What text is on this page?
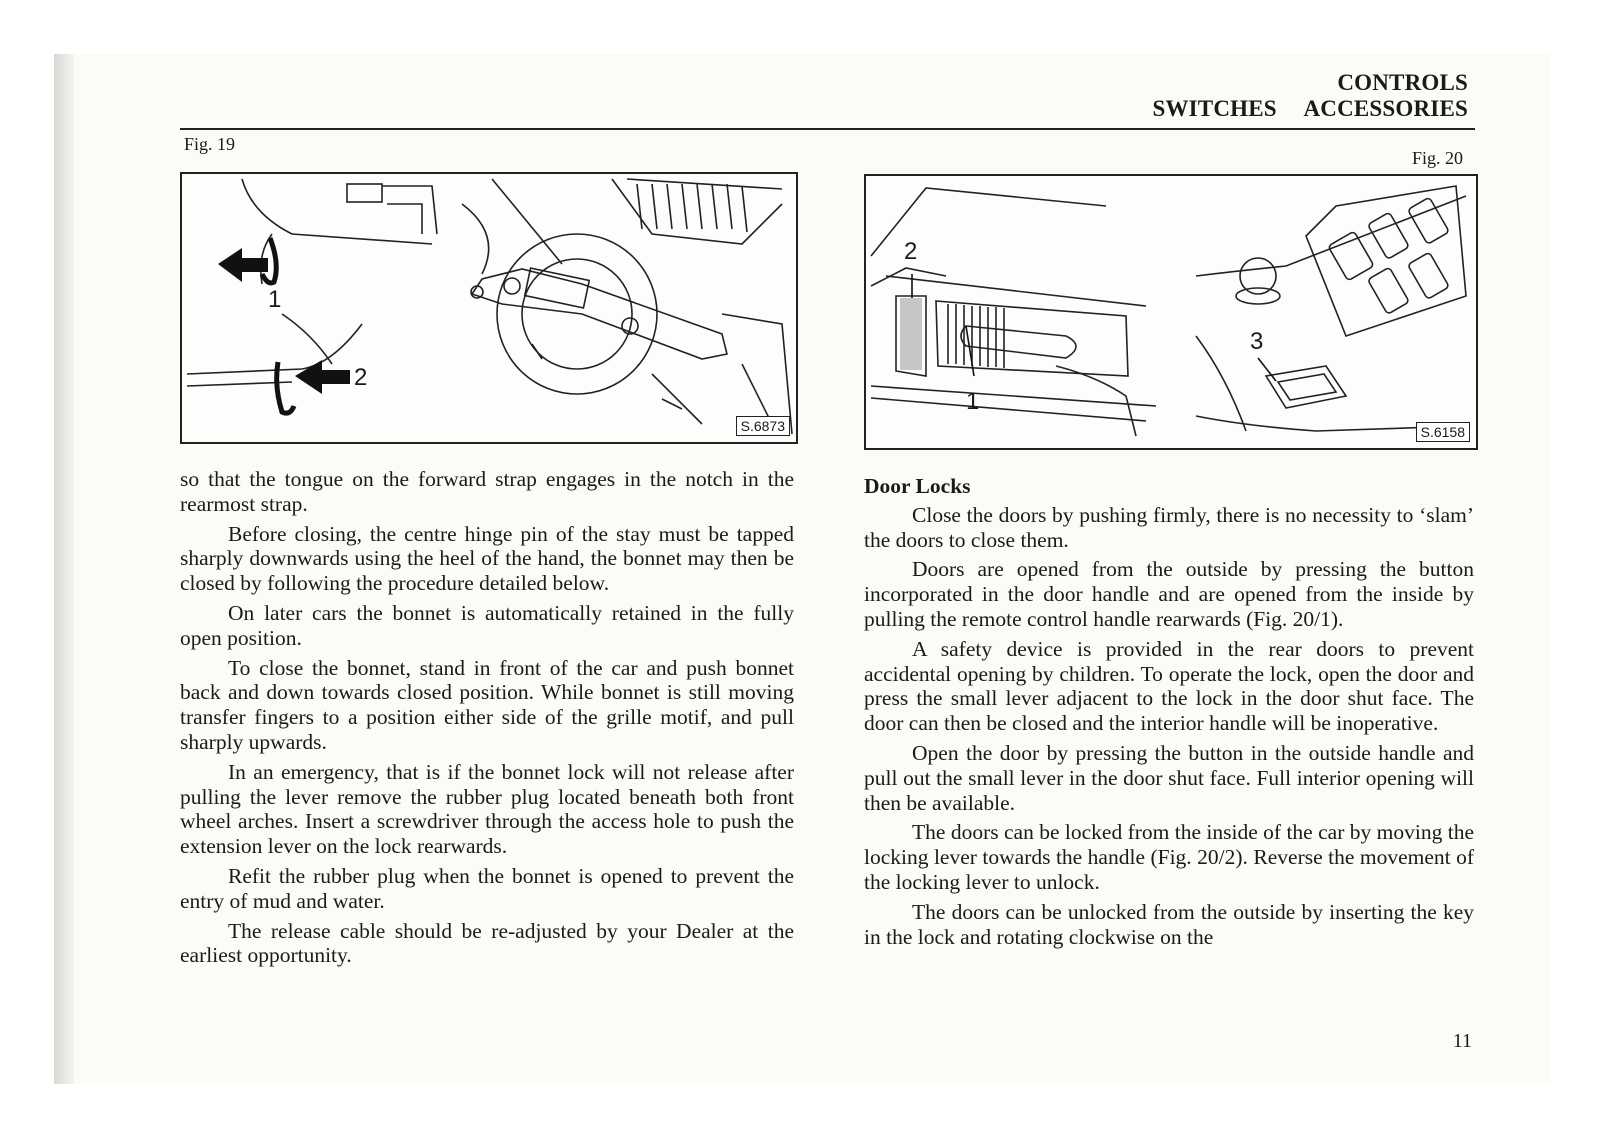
CONTROLS
SWITCHES ACCESSORIES
Fig. 19
1
2
S.6873
Fig. 20
2
1
3
S.6158

so that the tongue on the forward strap engages in the notch in the rearmost strap.

Before closing, the centre hinge pin of the stay must be tapped sharply downwards using the heel of the hand, the bonnet may then be closed by following the procedure detailed below.

On later cars the bonnet is automatically retained in the fully open position.

To close the bonnet, stand in front of the car and push bonnet back and down towards closed position. While bonnet is still moving transfer fingers to a position either side of the grille motif, and pull sharply upwards.

In an emergency, that is if the bonnet lock will not release after pulling the lever remove the rubber plug located beneath both front wheel arches. Insert a screwdriver through the access hole to push the extension lever on the lock rearwards.

Refit the rubber plug when the bonnet is opened to prevent the entry of mud and water.

The release cable should be re-adjusted by your Dealer at the earliest opportunity.

Door Locks

Close the doors by pushing firmly, there is no necessity to ‘slam’ the doors to close them.

Doors are opened from the outside by pressing the button incorporated in the door handle and are opened from the inside by pulling the remote control handle rearwards (Fig. 20/1).

A safety device is provided in the rear doors to prevent accidental opening by children. To operate the lock, open the door and press the small lever adjacent to the lock in the door shut face. The door can then be closed and the interior handle will be inoperative.

Open the door by pressing the button in the outside handle and pull out the small lever in the door shut face. Full interior opening will then be available.

The doors can be locked from the inside of the car by moving the locking lever towards the handle (Fig. 20/2). Reverse the movement of the locking lever to unlock.

The doors can be unlocked from the outside by inserting the key in the lock and rotating clockwise on the

11
